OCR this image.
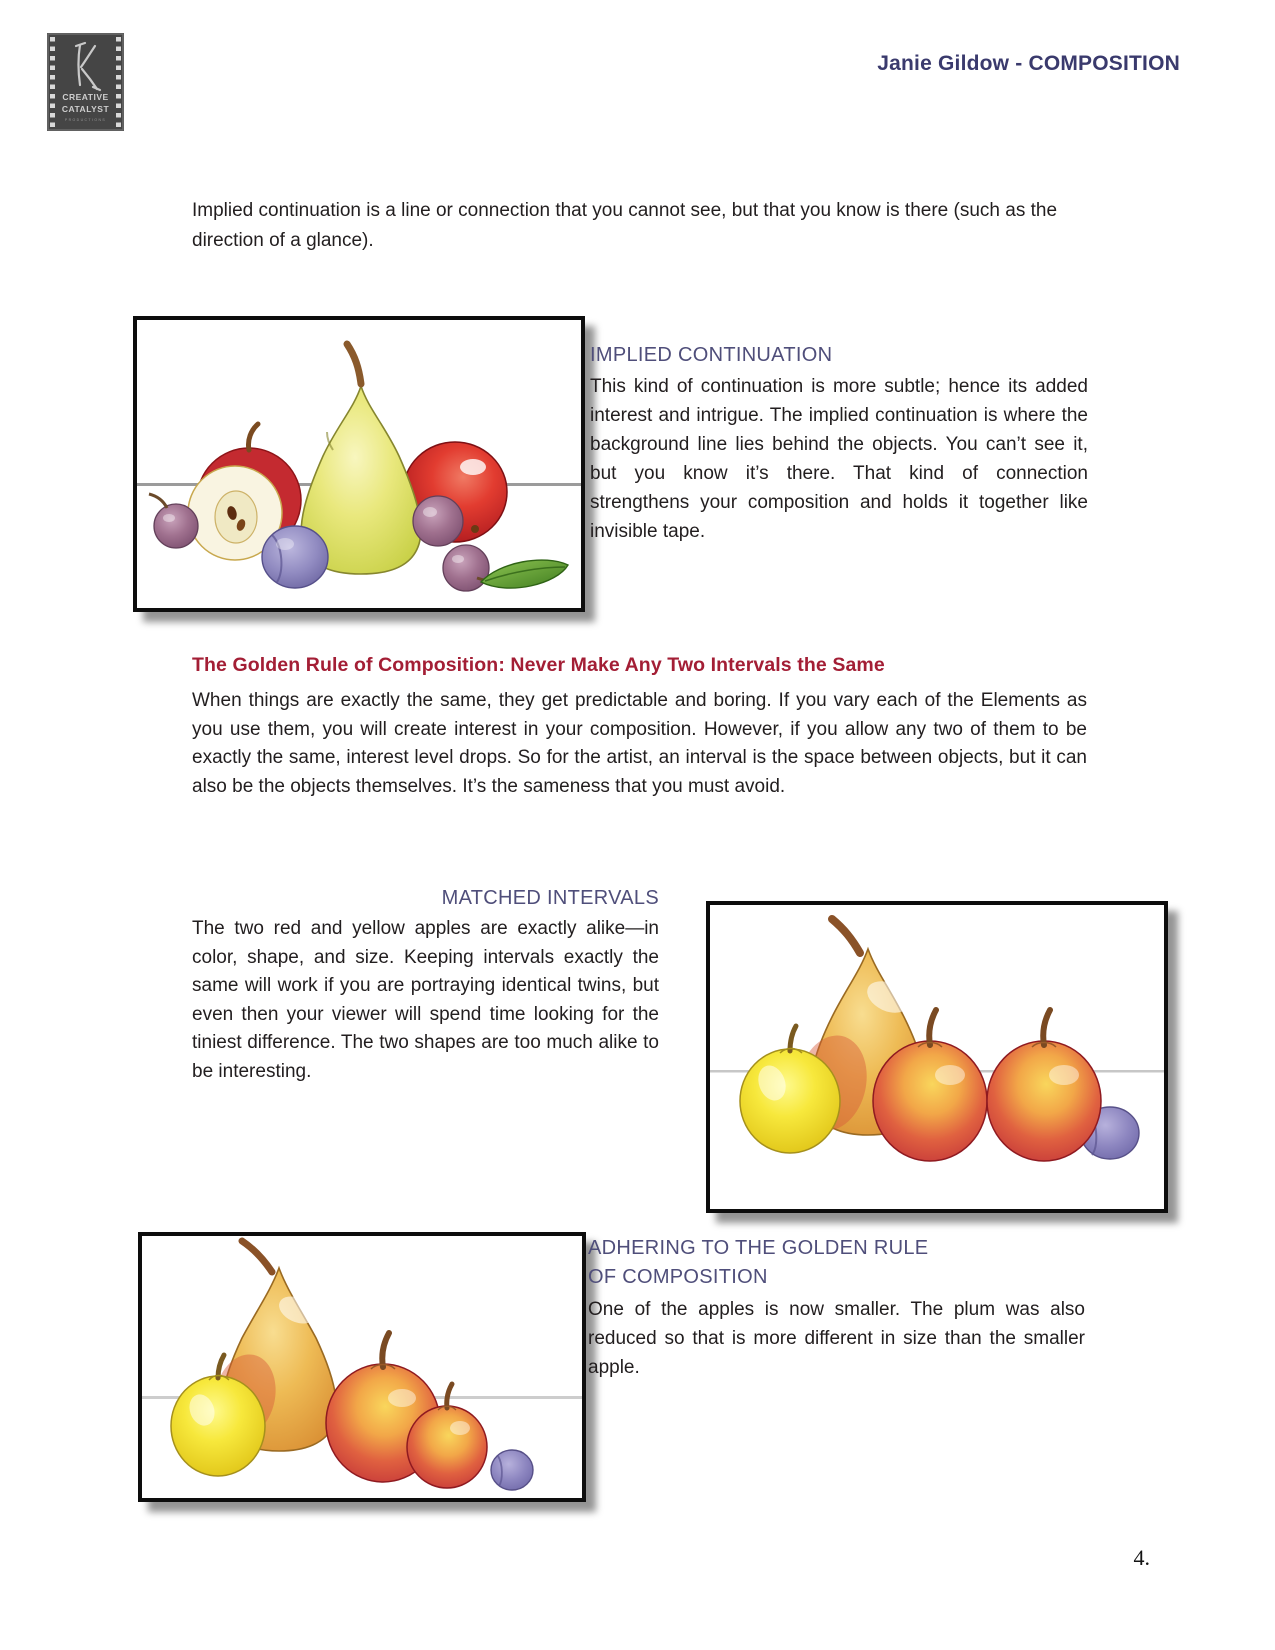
CREATIVE
CATALYST
PRODUCTIONS
Janie Gildow - COMPOSITION

Implied continuation is a line or connection that you cannot see, but that you know is there (such as the direction of a glance).

IMPLIED CONTINUATION

This kind of continuation is more subtle; hence its added interest and intrigue. The implied continuation is where the background line lies behind the objects. You can’t see it, but you know it’s there. That kind of connection strengthens your composition and holds it together like invisible tape.

The Golden Rule of Composition: Never Make Any Two Intervals the Same

When things are exactly the same, they get predictable and boring. If you vary each of the Elements as you use them, you will create interest in your composition. However, if you allow any two of them to be exactly the same, interest level drops. So for the artist, an interval is the space between objects, but it can also be the objects themselves. It’s the sameness that you must avoid.

MATCHED INTERVALS

The two red and yellow apples are exactly alike—in color, shape, and size. Keeping intervals exactly the same will work if you are portraying identical twins, but even then your viewer will spend time looking for the tiniest difference. The two shapes are too much alike to be interesting.

ADHERING TO THE GOLDEN RULE
OF COMPOSITION

One of the apples is now smaller. The plum was also reduced so that is more different in size than the smaller apple.

4.
